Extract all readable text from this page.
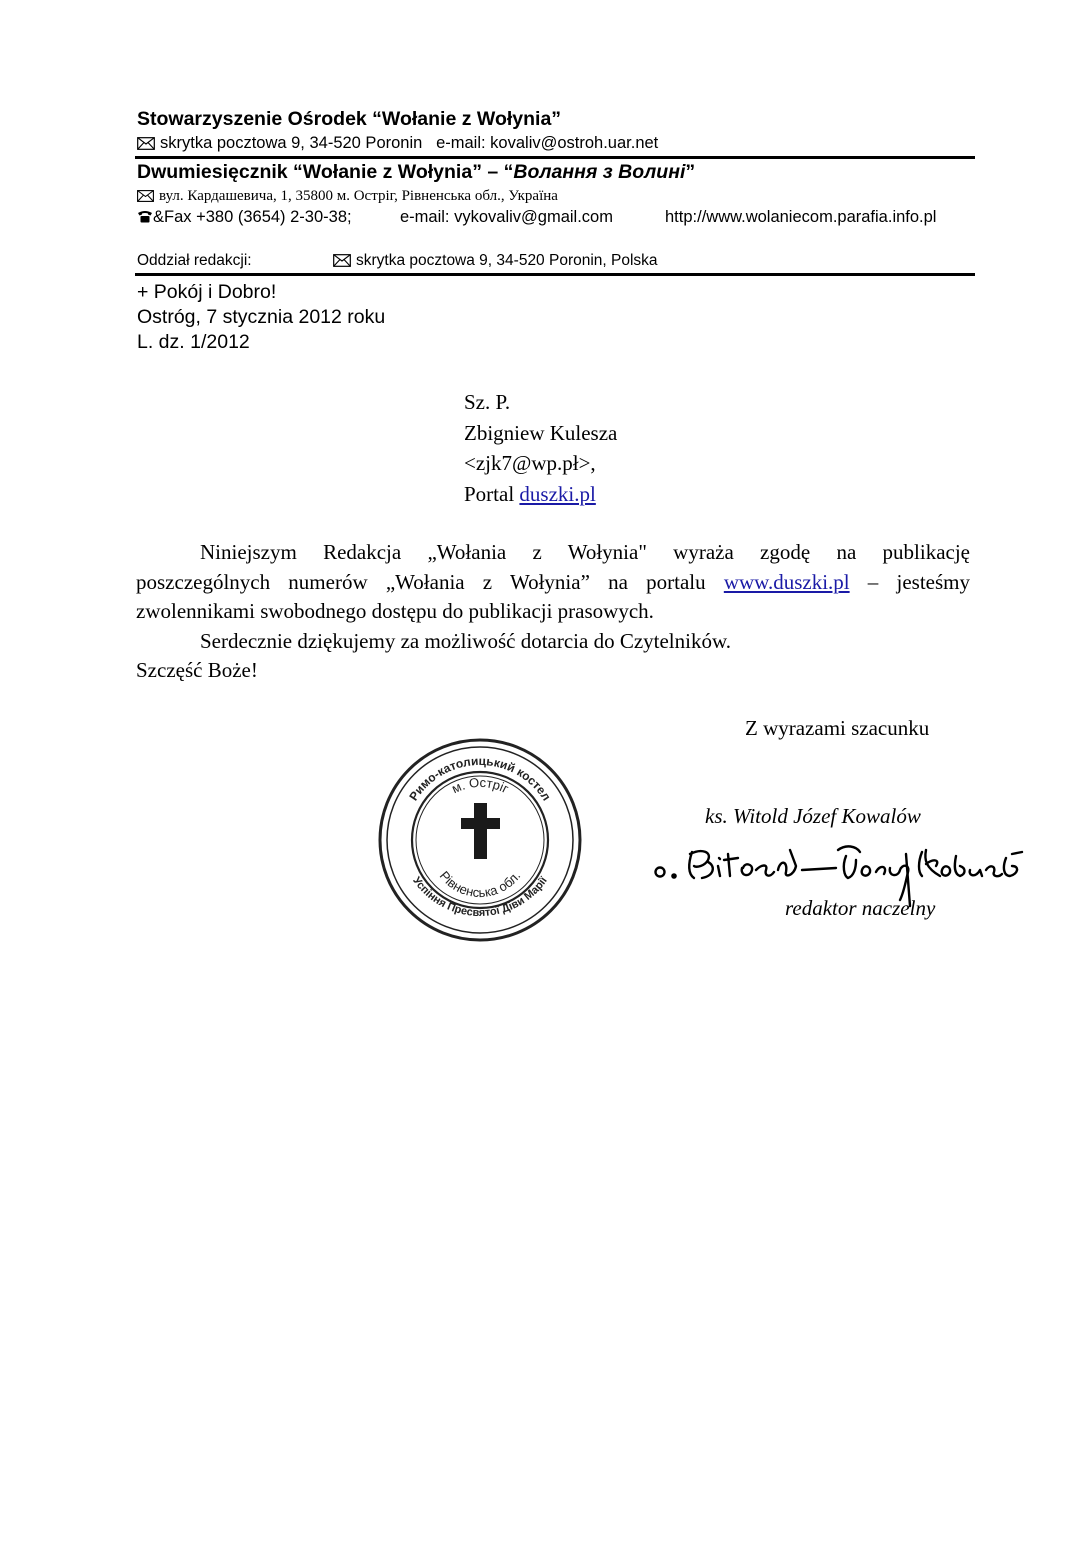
Stowarzyszenie Ośrodek “Wołanie z Wołynia”
skrytka pocztowa 9, 34-520 Poronin e-mail: kovaliv@ostroh.uar.net
Dwumiesięcznik “Wołanie z Wołynia” – “Волання з Волині”
вул. Кардашевича, 1, 35800 м. Остріг, Рівненська обл., Україна
&Fax +380 (3654) 2-30-38;	e-mail: vykovaliv@gmail.com	http://www.wolaniecom.parafia.info.pl
Oddział redakcji:	skrytka pocztowa 9, 34-520 Poronin, Polska
+ Pokój i Dobro!
Ostróg, 7 stycznia 2012 roku
L. dz. 1/2012
Sz. P.
Zbigniew Kulesza
<zjk7@wp.pł>,
Portal duszki.pl

Niniejszym Redakcja „Wołania z Wołynia" wyraża zgodę na publikację

poszczególnych numerów „Wołania z Wołynia” na portalu www.duszki.pl – jesteśmy

zwolennikami swobodnego dostępu do publikacji prasowych.

Serdecznie dziękujemy za możliwość dotarcia do Czytelników.

Szczęść Boże!

Z wyrazami szacunku
ks. Witold Józef Kowalów
redaktor naczelny
Римо-католицький костел
Успіння Пресвятої Діви Марії
м. Остріг
Рівненська обл.
